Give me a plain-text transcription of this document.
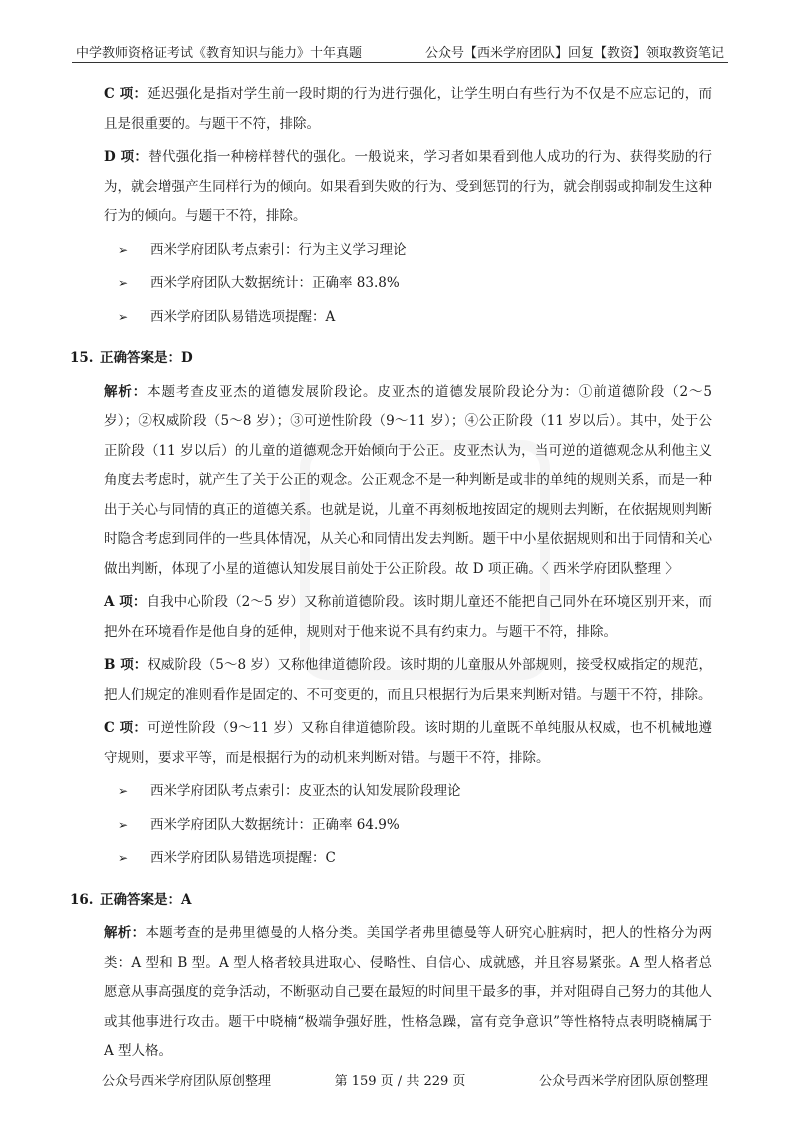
中学教师资格证考试《教育知识与能力》十年真题	公众号【西米学府团队】回复【教资】领取教资笔记

C 项：延迟强化是指对学生前一段时期的行为进行强化，让学生明白有些行为不仅是不应忘记的，而且是很重要的。与题干不符，排除。

D 项：替代强化指一种榜样替代的强化。一般说来，学习者如果看到他人成功的行为、获得奖励的行为，就会增强产生同样行为的倾向。如果看到失败的行为、受到惩罚的行为，就会削弱或抑制发生这种行为的倾向。与题干不符，排除。

➢	西米学府团队考点索引：行为主义学习理论
➢	西米学府团队大数据统计：正确率 83.8%
➢	西米学府团队易错选项提醒：A
15. 正确答案是：D

解析：本题考查皮亚杰的道德发展阶段论。皮亚杰的道德发展阶段论分为：①前道德阶段（2～5 岁）；②权威阶段（5～8 岁）；③可逆性阶段（9～11 岁）；④公正阶段（11 岁以后）。其中，处于公正阶段（11 岁以后）的儿童的道德观念开始倾向于公正。皮亚杰认为，当可逆的道德观念从利他主义角度去考虑时，就产生了关于公正的观念。公正观念不是一种判断是或非的单纯的规则关系，而是一种出于关心与同情的真正的道德关系。也就是说，儿童不再刻板地按固定的规则去判断，在依据规则判断时隐含考虑到同伴的一些具体情况，从关心和同情出发去判断。题干中小星依据规则和出于同情和关心做出判断，体现了小星的道德认知发展目前处于公正阶段。故 D 项正确。〈 西米学府团队整理 〉

A 项：自我中心阶段（2～5 岁）又称前道德阶段。该时期儿童还不能把自己同外在环境区别开来，而把外在环境看作是他自身的延伸，规则对于他来说不具有约束力。与题干不符，排除。

B 项：权威阶段（5～8 岁）又称他律道德阶段。该时期的儿童服从外部规则，接受权威指定的规范，把人们规定的准则看作是固定的、不可变更的，而且只根据行为后果来判断对错。与题干不符，排除。

C 项：可逆性阶段（9～11 岁）又称自律道德阶段。该时期的儿童既不单纯服从权威，也不机械地遵守规则，要求平等，而是根据行为的动机来判断对错。与题干不符，排除。

➢	西米学府团队考点索引：皮亚杰的认知发展阶段理论
➢	西米学府团队大数据统计：正确率 64.9%
➢	西米学府团队易错选项提醒：C
16. 正确答案是：A

解析：本题考查的是弗里德曼的人格分类。美国学者弗里德曼等人研究心脏病时，把人的性格分为两类：A 型和 B 型。A 型人格者较具进取心、侵略性、自信心、成就感，并且容易紧张。A 型人格者总愿意从事高强度的竞争活动，不断驱动自己要在最短的时间里干最多的事，并对阻碍自己努力的其他人或其他事进行攻击。题干中晓楠“极端争强好胜，性格急躁，富有竞争意识”等性格特点表明晓楠属于 A 型人格。

公众号西米学府团队原创整理	第 159 页 / 共 229 页	公众号西米学府团队原创整理
